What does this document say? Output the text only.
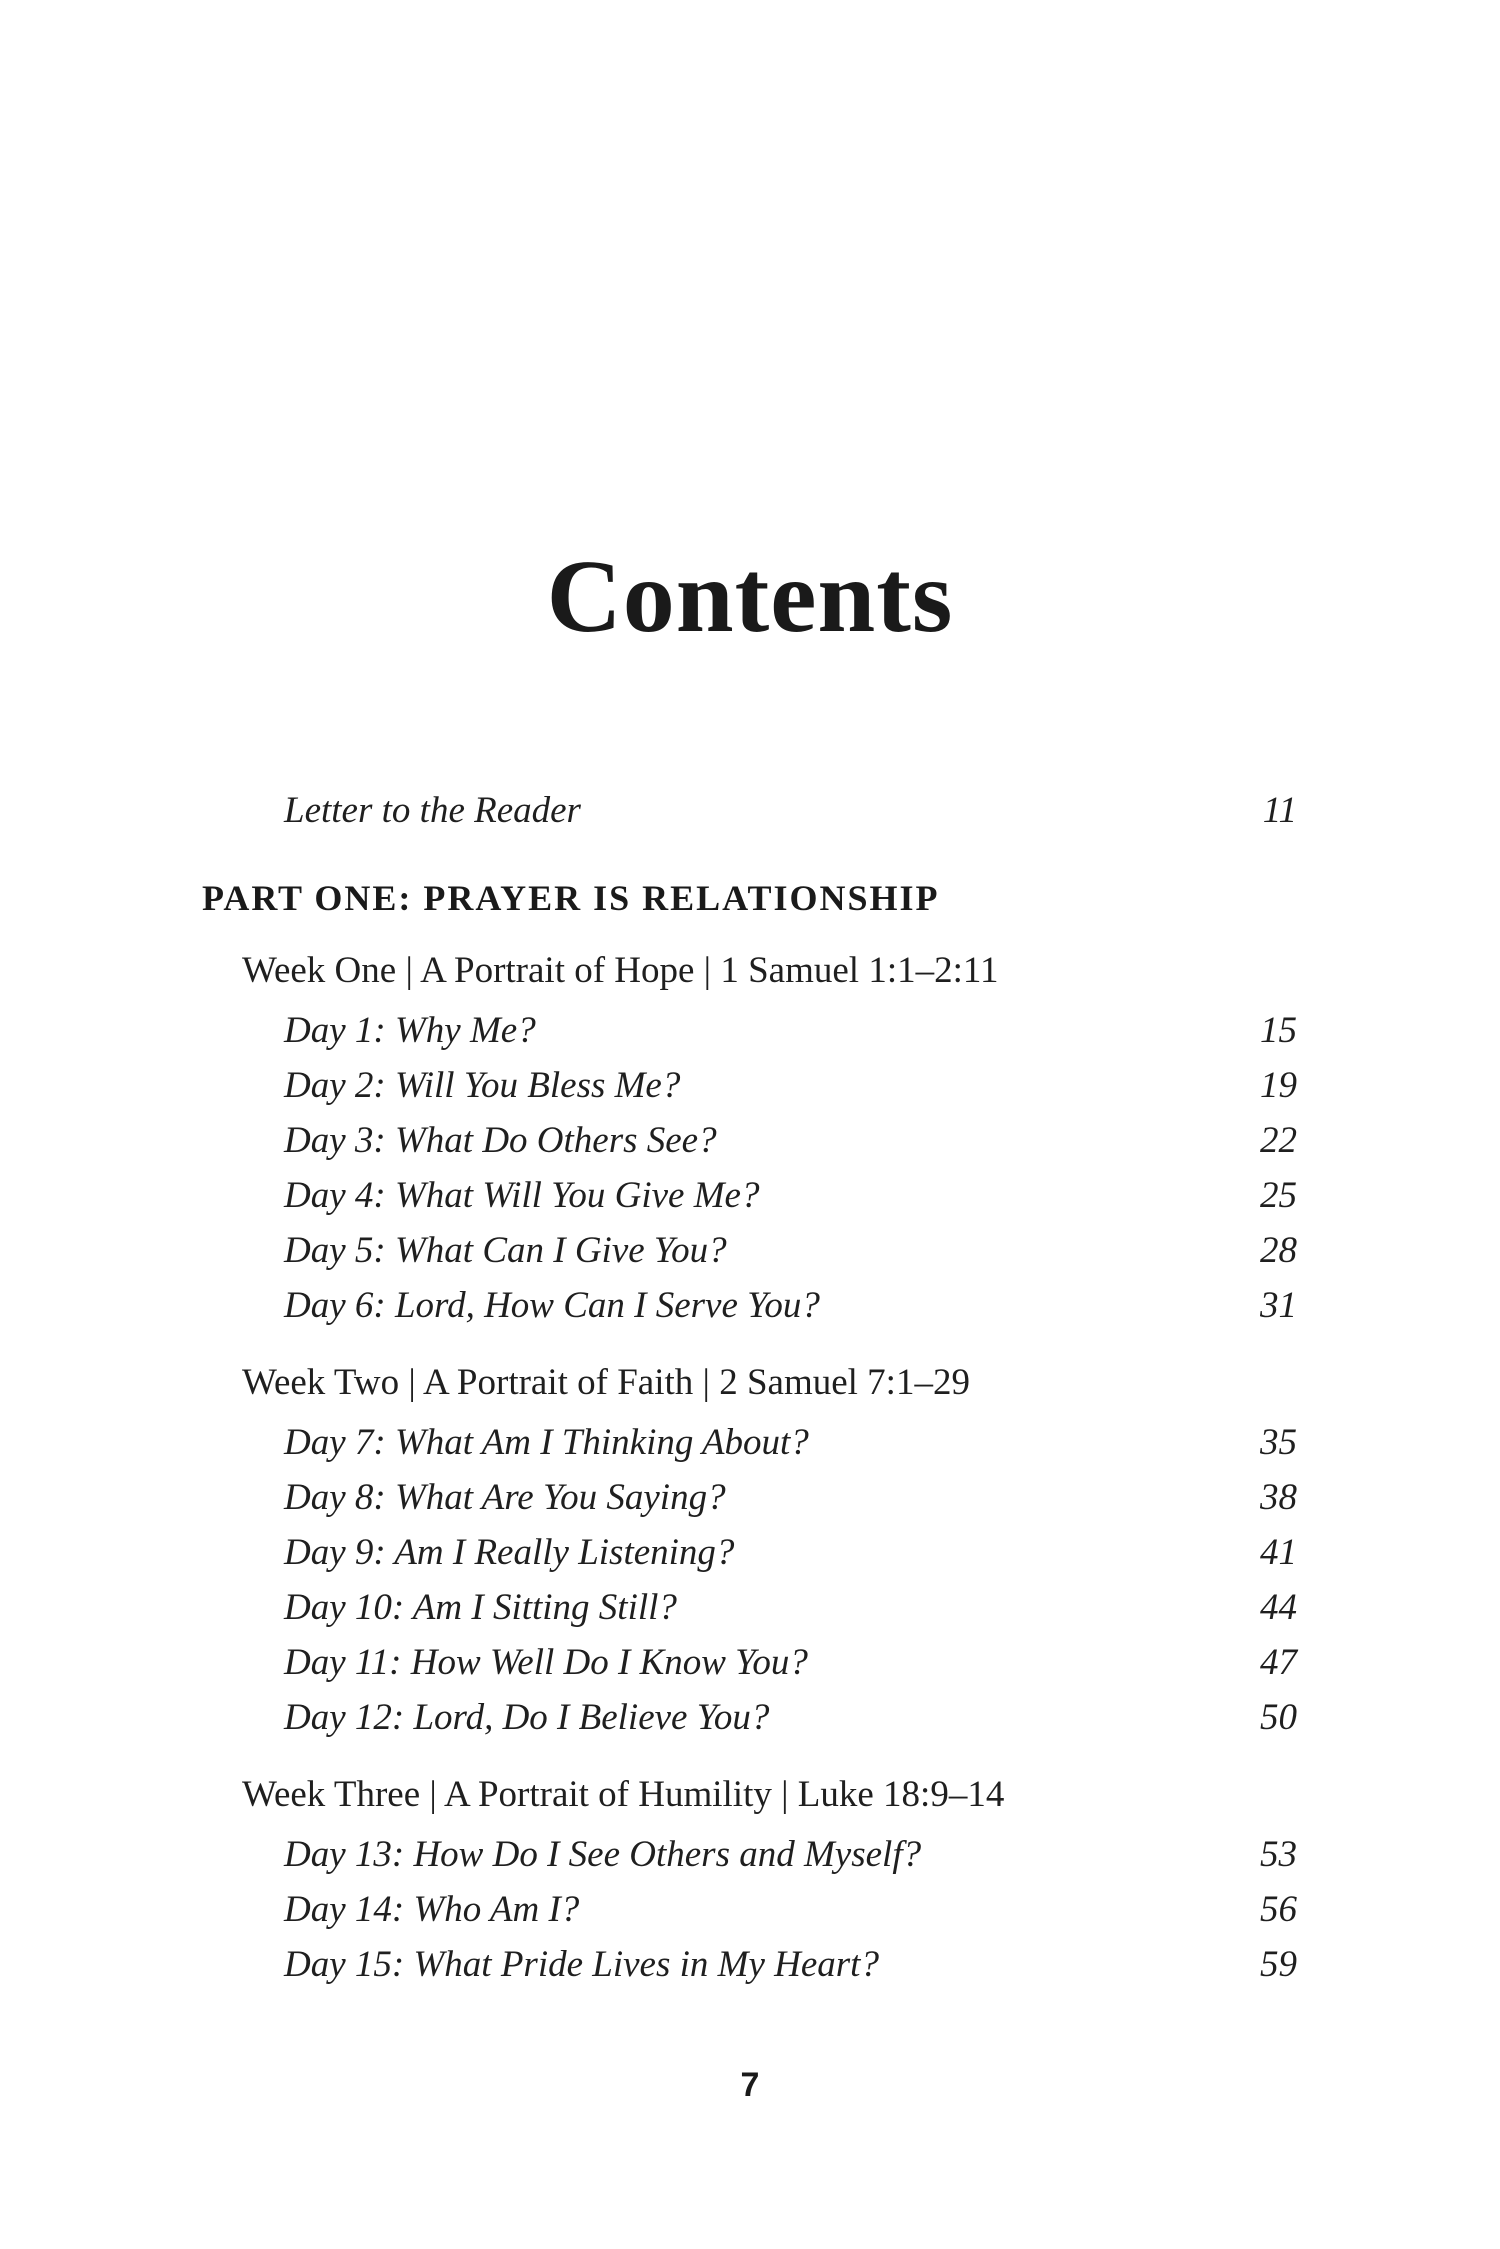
Contents
Letter to the Reader	11
PART ONE: PRAYER IS RELATIONSHIP
Week One | A Portrait of Hope | 1 Samuel 1:1–2:11
Day 1: Why Me?	15
Day 2: Will You Bless Me?	19
Day 3: What Do Others See?	22
Day 4: What Will You Give Me?	25
Day 5: What Can I Give You?	28
Day 6: Lord, How Can I Serve You?	31
Week Two | A Portrait of Faith | 2 Samuel 7:1–29
Day 7: What Am I Thinking About?	35
Day 8: What Are You Saying?	38
Day 9: Am I Really Listening?	41
Day 10: Am I Sitting Still?	44
Day 11: How Well Do I Know You?	47
Day 12: Lord, Do I Believe You?	50
Week Three | A Portrait of Humility | Luke 18:9–14
Day 13: How Do I See Others and Myself?	53
Day 14: Who Am I?	56
Day 15: What Pride Lives in My Heart?	59
7
